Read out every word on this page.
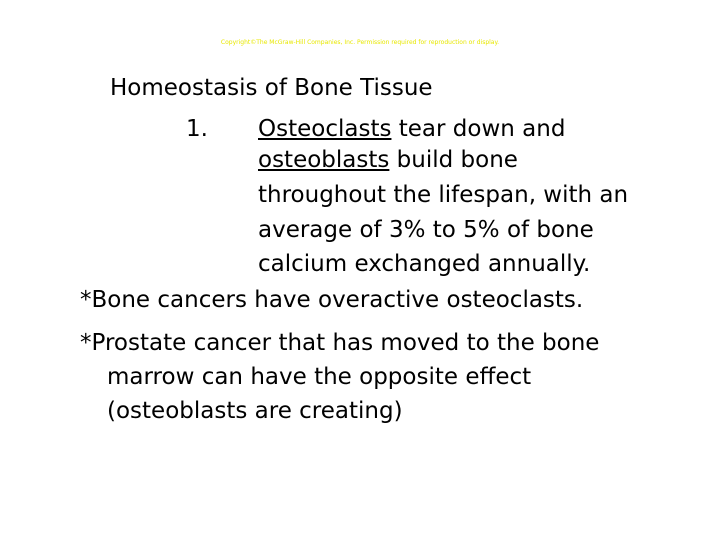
Copyright©The McGraw-Hill Companies, Inc. Permission required for reproduction or display.
Homeostasis of Bone Tissue
1. Osteoclasts tear down and
osteoblasts build bone
throughout the lifespan, with an
average of 3% to 5% of bone
calcium exchanged annually.
*Bone cancers have overactive osteoclasts.
*Prostate cancer that has moved to the bone
marrow can have the opposite effect
(osteoblasts are creating)
